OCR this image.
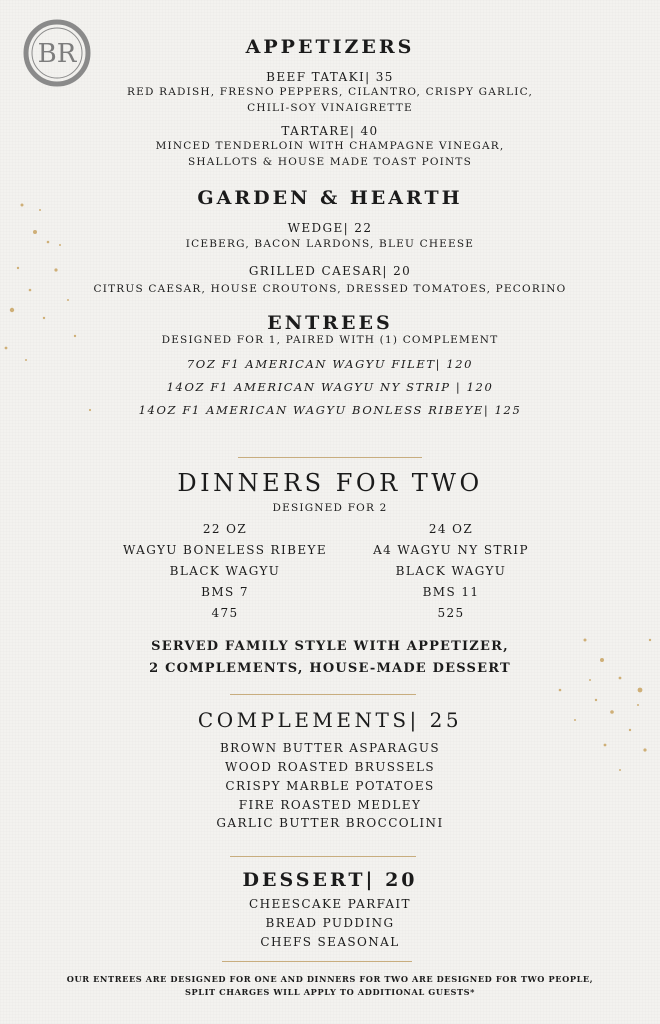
BR	APPETIZERS
BEEF TATAKI| 35
RED RADISH, FRESNO PEPPERS, CILANTRO, CRISPY GARLIC,
CHILI-SOY VINAIGRETTE
TARTARE| 40
MINCED TENDERLOIN WITH CHAMPAGNE VINEGAR,
SHALLOTS & HOUSE MADE TOAST POINTS
GARDEN & HEARTH
WEDGE| 22
ICEBERG, BACON LARDONS, BLEU CHEESE
GRILLED CAESAR| 20
CITRUS CAESAR, HOUSE CROUTONS, DRESSED TOMATOES, PECORINO
ENTREES
DESIGNED FOR 1, PAIRED WITH (1) COMPLEMENT
7OZ F1 AMERICAN WAGYU FILET| 120
14OZ F1 AMERICAN WAGYU NY STRIP | 120
14OZ F1 AMERICAN WAGYU BONLESS RIBEYE| 125
DINNERS FOR TWO
DESIGNED FOR 2
22 OZ
WAGYU BONELESS RIBEYE
BLACK WAGYU
BMS 7
475
24 OZ
A4 WAGYU NY STRIP
BLACK WAGYU
BMS 11
525
SERVED FAMILY STYLE WITH APPETIZER,
2 COMPLEMENTS, HOUSE-MADE DESSERT
COMPLEMENTS| 25
BROWN BUTTER ASPARAGUS
WOOD ROASTED BRUSSELS
CRISPY MARBLE POTATOES
FIRE ROASTED MEDLEY
GARLIC BUTTER BROCCOLINI
DESSERT| 20
CHEESCAKE PARFAIT
BREAD PUDDING
CHEFS SEASONAL
OUR ENTREES ARE DESIGNED FOR ONE AND DINNERS FOR TWO ARE DESIGNED FOR TWO PEOPLE,
SPLIT CHARGES WILL APPLY TO ADDITIONAL GUESTS*
